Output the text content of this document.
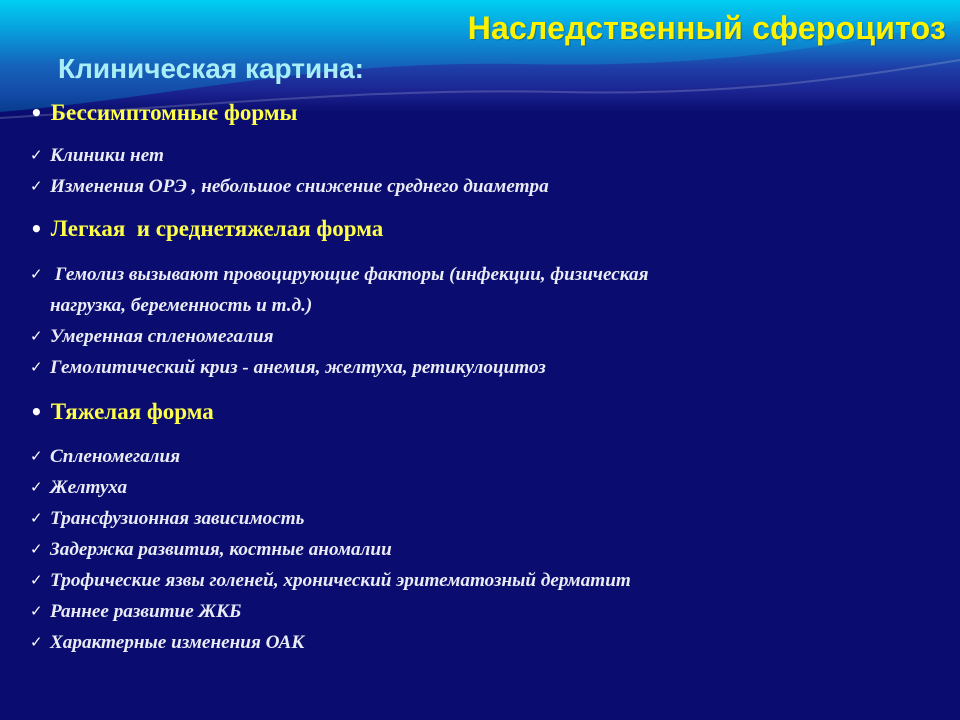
Наследственный сфероцитоз
Клиническая картина:
• Бессимптомные формы
✓ Клиники нет
✓ Изменения ОРЭ , небольшое снижение среднего диаметра
• Легкая  и среднетяжелая форма
✓ Гемолиз вызывают провоцирующие факторы (инфекции, физическая
нагрузка, беременность и т.д.)
✓ Умеренная спленомегалия
✓ Гемолитический криз - анемия, желтуха, ретикулоцитоз
• Тяжелая форма
✓ Спленомегалия
✓ Желтуха
✓ Трансфузионная зависимость
✓ Задержка развития, костные аномалии
✓ Трофические язвы голеней, хронический эритематозный дерматит
✓ Раннее развитие ЖКБ
✓ Характерные изменения ОАК
